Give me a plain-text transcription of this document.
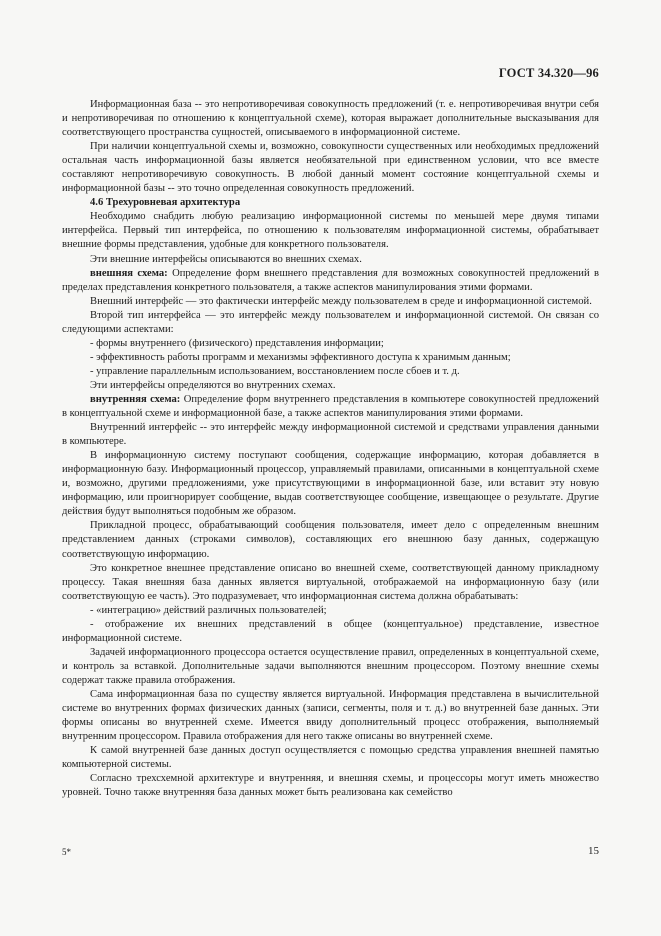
ГОСТ 34.320—96

Информационная база -- это непротиворечивая совокупность предложений (т. е. непротиворечивая внутри себя и непротиворечивая по отношению к концептуальной схеме), которая выражает дополнительные высказывания для соответствующего пространства сущностей, описываемого в информационной системе.

При наличии концептуальной схемы и, возможно, совокупности существенных или необходимых предложений остальная часть информационной базы является необязательной при единственном условии, что все вместе составляют непротиворечивую совокупность. В любой данный момент состояние концептуальной схемы и информационной базы -- это точно определенная совокупность предложений.

4.6 Трехуровневая архитектура

Необходимо снабдить любую реализацию информационной системы по меньшей мере двумя типами интерфейса. Первый тип интерфейса, по отношению к пользователям информационной системы, обрабатывает внешние формы представления, удобные для конкретного пользователя.

Эти внешние интерфейсы описываются во внешних схемах.

внешняя схема: Определение форм внешнего представления для возможных совокупностей предложений в пределах представления конкретного пользователя, а также аспектов манипулирования этими формами.

Внешний интерфейс — это фактически интерфейс между пользователем в среде и информационной системой.

Второй тип интерфейса — это интерфейс между пользователем и информационной системой. Он связан со следующими аспектами:

- формы внутреннего (физического) представления информации;

- эффективность работы программ и механизмы эффективного доступа к хранимым данным;

- управление параллельным использованием, восстановлением после сбоев и т. д.

Эти интерфейсы определяются во внутренних схемах.

внутренняя схема: Определение форм внутреннего представления в компьютере совокупностей предложений в концептуальной схеме и информационной базе, а также аспектов манипулирования этими формами.

Внутренний интерфейс -- это интерфейс между информационной системой и средствами управления данными в компьютере.

В информационную систему поступают сообщения, содержащие информацию, которая добавляется в информационную базу. Информационный процессор, управляемый правилами, описанными в концептуальной схеме и, возможно, другими предложениями, уже присутствующими в информационной базе, или вставит эту новую информацию, или проигнорирует сообщение, выдав соответствующее сообщение, извещающее о результате. Другие действия будут выполняться подобным же образом.

Прикладной процесс, обрабатывающий сообщения пользователя, имеет дело с определенным внешним представлением данных (строками символов), составляющих его внешнюю базу данных, содержащую соответствующую информацию.

Это конкретное внешнее представление описано во внешней схеме, соответствующей данному прикладному процессу. Такая внешняя база данных является виртуальной, отображаемой на информационную базу (или соответствующую ее часть). Это подразумевает, что информационная система должна обрабатывать:

- «интеграцию» действий различных пользователей;

- отображение их внешних представлений в общее (концептуальное) представление, известное информационной системе.

Задачей информационного процессора остается осуществление правил, определенных в концептуальной схеме, и контроль за вставкой. Дополнительные задачи выполняются внешним процессором. Поэтому внешние схемы содержат также правила отображения.

Сама информационная база по существу является виртуальной. Информация представлена в вычислительной системе во внутренних формах физических данных (записи, сегменты, поля и т. д.) во внутренней базе данных. Эти формы описаны во внутренней схеме. Имеется ввиду дополнительный процесс отображения, выполняемый внутренним процессором. Правила отображения для него также описаны во внутренней схеме.

К самой внутренней базе данных доступ осуществляется с помощью средства управления внешней памятью компьютерной системы.

Согласно трехсхемной архитектуре и внутренняя, и внешняя схемы, и процессоры могут иметь множество уровней. Точно также внутренняя база данных может быть реализована как семейство

5*	15
